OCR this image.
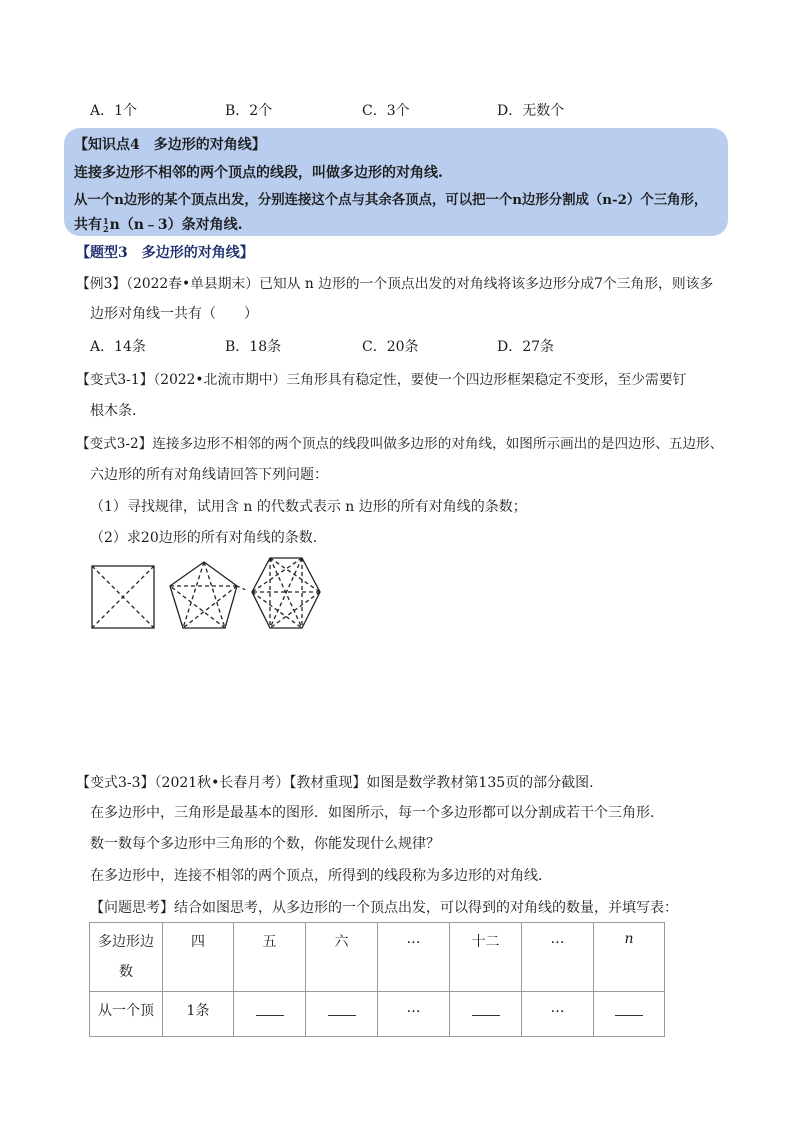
A．1个	B．2个	C．3个	D．无数个
【知识点4　多边形的对角线】
连接多边形不相邻的两个顶点的线段，叫做多边形的对角线.
从一个n边形的某个顶点出发，分别连接这个点与其余各顶点，可以把一个n边形分割成（n-2）个三角形，
共有 1
2 n（n﹣3）条对角线.
【题型3　多边形的对角线】
【例3】（2022春•单县期末）已知从 n 边形的一个顶点出发的对角线将该多边形分成7个三角形，则该多
边形对角线一共有（　　）
A．14条	B．18条	C．20条	D．27条
【变式3-1】（2022•北流市期中）三角形具有稳定性，要使一个四边形框架稳定不变形，至少需要钉
根木条.
【变式3-2】连接多边形不相邻的两个顶点的线段叫做多边形的对角线，如图所示画出的是四边形、五边形、
六边形的所有对角线请回答下列问题：
（1）寻找规律，试用含 n 的代数式表示 n 边形的所有对角线的条数；
（2）求20边形的所有对角线的条数.
【变式3-3】（2021秋•长春月考）【教材重现】如图是数学教材第135页的部分截图.
在多边形中，三角形是最基本的图形．如图所示，每一个多边形都可以分割成若干个三角形.
数一数每个多边形中三角形的个数，你能发现什么规律？
在多边形中，连接不相邻的两个顶点，所得到的线段称为多边形的对角线.
【问题思考】结合如图思考，从多边形的一个顶点出发，可以得到的对角线的数量，并填写表：
多边形边
数	四	五	六	…	十二	…	n
从一个顶	1条			…		…	
